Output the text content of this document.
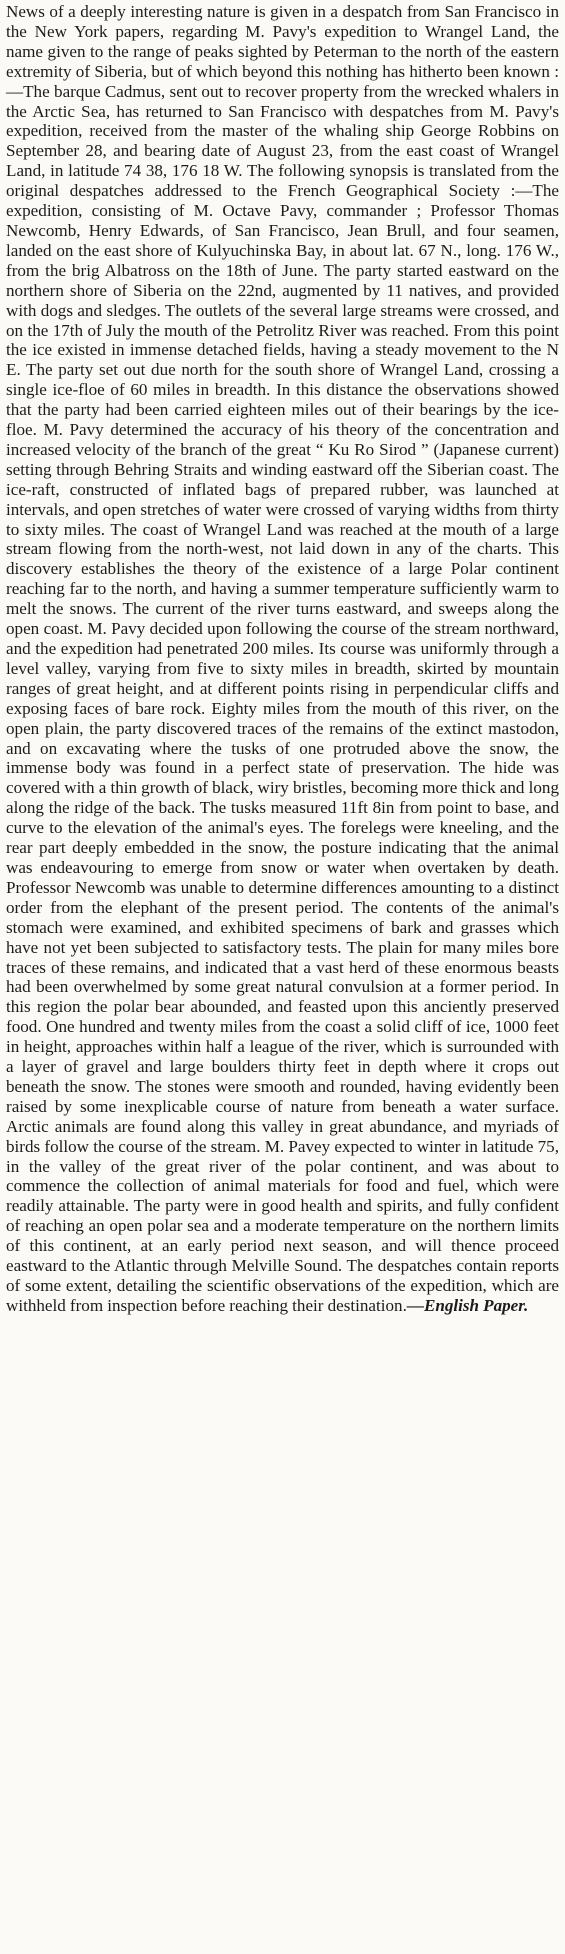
News of a deeply interesting nature is given in a despatch from San Francisco in the New York papers, regarding M. Pavy's expedition to Wrangel Land, the name given to the range of peaks sighted by Peterman to the north of the eastern extremity of Siberia, but of which beyond this nothing has hitherto been known :—The barque Cadmus, sent out to recover property from the wrecked whalers in the Arctic Sea, has returned to San Francisco with despatches from M. Pavy's expedition, received from the master of the whaling ship George Robbins on September 28, and bearing date of August 23, from the east coast of Wrangel Land, in latitude 74 38, 176 18 W. The following synopsis is translated from the original despatches addressed to the French Geographical Society :—The expedition, consisting of M. Octave Pavy, commander ; Professor Thomas Newcomb, Henry Edwards, of San Francisco, Jean Brull, and four seamen, landed on the east shore of Kulyuchinska Bay, in about lat. 67 N., long. 176 W., from the brig Albatross on the 18th of June. The party started eastward on the northern shore of Siberia on the 22nd, augmented by 11 natives, and provided with dogs and sledges. The outlets of the several large streams were crossed, and on the 17th of July the mouth of the Petrolitz River was reached. From this point the ice existed in immense detached fields, having a steady movement to the N E. The party set out due north for the south shore of Wrangel Land, crossing a single ice-floe of 60 miles in breadth. In this distance the observations showed that the party had been carried eighteen miles out of their bearings by the ice-floe. M. Pavy determined the accuracy of his theory of the concentration and increased velocity of the branch of the great “ Ku Ro Sirod ” (Japanese current) setting through Behring Straits and winding eastward off the Siberian coast. The ice-raft, constructed of inflated bags of prepared rubber, was launched at intervals, and open stretches of water were crossed of varying widths from thirty to sixty miles. The coast of Wrangel Land was reached at the mouth of a large stream flowing from the north-west, not laid down in any of the charts. This discovery establishes the theory of the existence of a large Polar continent reaching far to the north, and having a summer temperature sufficiently warm to melt the snows. The current of the river turns eastward, and sweeps along the open coast. M. Pavy decided upon following the course of the stream northward, and the expedition had penetrated 200 miles. Its course was uniformly through a level valley, varying from five to sixty miles in breadth, skirted by mountain ranges of great height, and at different points rising in perpendicular cliffs and exposing faces of bare rock. Eighty miles from the mouth of this river, on the open plain, the party discovered traces of the remains of the extinct mastodon, and on excavating where the tusks of one protruded above the snow, the immense body was found in a perfect state of preservation. The hide was covered with a thin growth of black, wiry bristles, becoming more thick and long along the ridge of the back. The tusks measured 11ft 8in from point to base, and curve to the elevation of the animal's eyes. The forelegs were kneeling, and the rear part deeply embedded in the snow, the posture indicating that the animal was endeavouring to emerge from snow or water when overtaken by death. Professor Newcomb was unable to determine differences amounting to a distinct order from the elephant of the present period. The contents of the animal's stomach were examined, and exhibited specimens of bark and grasses which have not yet been subjected to satisfactory tests. The plain for many miles bore traces of these remains, and indicated that a vast herd of these enormous beasts had been overwhelmed by some great natural convulsion at a former period. In this region the polar bear abounded, and feasted upon this anciently preserved food. One hundred and twenty miles from the coast a solid cliff of ice, 1000 feet in height, approaches within half a league of the river, which is surrounded with a layer of gravel and large boulders thirty feet in depth where it crops out beneath the snow. The stones were smooth and rounded, having evidently been raised by some inexplicable course of nature from beneath a water surface. Arctic animals are found along this valley in great abundance, and myriads of birds follow the course of the stream. M. Pavey expected to winter in latitude 75, in the valley of the great river of the polar continent, and was about to commence the collection of animal materials for food and fuel, which were readily attainable. The party were in good health and spirits, and fully confident of reaching an open polar sea and a moderate temperature on the northern limits of this continent, at an early period next season, and will thence proceed eastward to the Atlantic through Melville Sound. The despatches contain reports of some extent, detailing the scientific observations of the expedition, which are withheld from inspection before reaching their destination.—English Paper.
